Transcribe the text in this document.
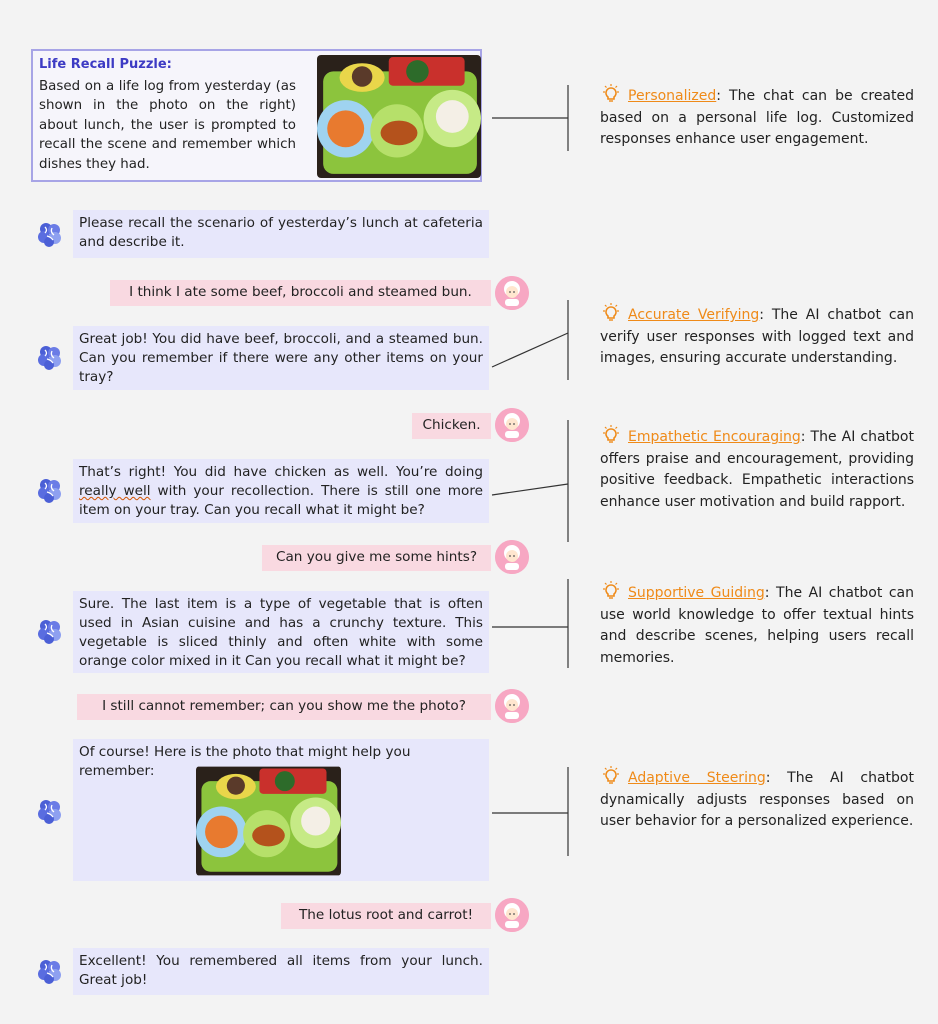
Life Recall Puzzle:
Based on a life log from yesterday (as shown in the photo on the right) about lunch, the user is prompted to recall the scene and remember which dishes they had.
Please recall the scenario of yesterday’s lunch at cafeteria and describe it.
I think I ate some beef, broccoli and steamed bun.
Great job! You did have beef, broccoli, and a steamed bun. Can you remember if there were any other items on your tray?
Chicken.
That’s right! You did have chicken as well. You’re doing really well with your recollection. There is still one more item on your tray. Can you recall what it might be?
Can you give me some hints?
Sure. The last item is a type of vegetable that is often used in Asian cuisine and has a crunchy texture. This vegetable is sliced thinly and often white with some orange color mixed in it Can you recall what it might be?
I still cannot remember; can you show me the photo?
Of course! Here is the photo that might help you remember:
The lotus root and carrot!
Excellent! You remembered all items from your lunch. Great job!
Personalized: The chat can be created based on a personal life log. Customized responses enhance user engagement.
Accurate Verifying: The AI chatbot can verify user responses with logged text and images, ensuring accurate understanding.
Empathetic Encouraging: The AI chatbot offers praise and encouragement, providing positive feedback. Empathetic interactions enhance user motivation and build rapport.
Supportive Guiding: The AI chatbot can use world knowledge to offer textual hints and describe scenes, helping users recall memories.
Adaptive Steering: The AI chatbot dynamically adjusts responses based on user behavior for a personalized experience.
